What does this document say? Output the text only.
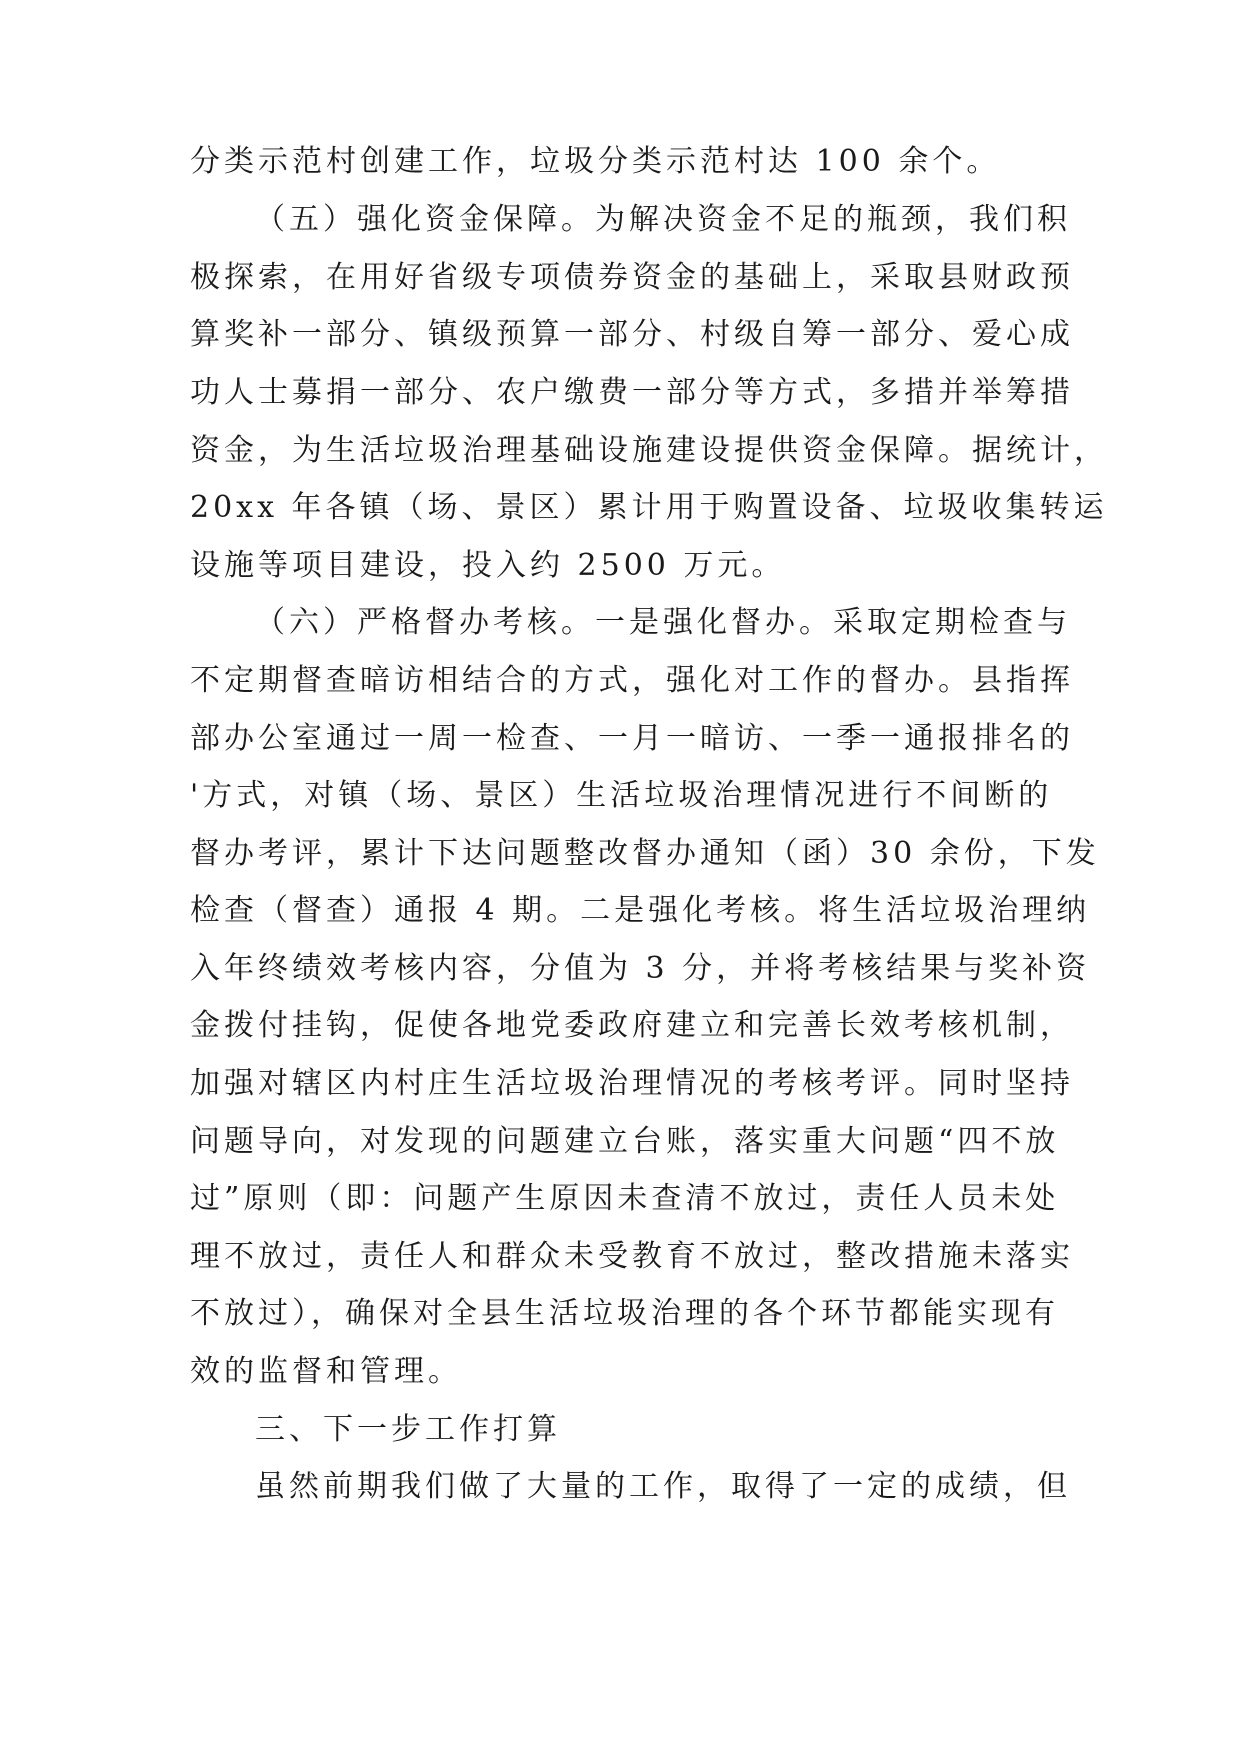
分类示范村创建工作，垃圾分类示范村达 100 余个。
（五）强化资金保障。为解决资金不足的瓶颈，我们积
极探索，在用好省级专项债券资金的基础上，采取县财政预
算奖补一部分、镇级预算一部分、村级自筹一部分、爱心成
功人士募捐一部分、农户缴费一部分等方式，多措并举筹措
资金，为生活垃圾治理基础设施建设提供资金保障。据统计，
20xx 年各镇（场、景区）累计用于购置设备、垃圾收集转运
设施等项目建设，投入约 2500 万元。
（六）严格督办考核。一是强化督办。采取定期检查与
不定期督查暗访相结合的方式，强化对工作的督办。县指挥
部办公室通过一周一检查、一月一暗访、一季一通报排名的
'方式，对镇（场、景区）生活垃圾治理情况进行不间断的
督办考评，累计下达问题整改督办通知（函）30 余份，下发
检查（督查）通报 4 期。二是强化考核。将生活垃圾治理纳
入年终绩效考核内容，分值为 3 分，并将考核结果与奖补资
金拨付挂钩，促使各地党委政府建立和完善长效考核机制，
加强对辖区内村庄生活垃圾治理情况的考核考评。同时坚持
问题导向，对发现的问题建立台账，落实重大问题“四不放
过”原则（即：问题产生原因未查清不放过，责任人员未处
理不放过，责任人和群众未受教育不放过，整改措施未落实
不放过），确保对全县生活垃圾治理的各个环节都能实现有
效的监督和管理。
三、下一步工作打算
虽然前期我们做了大量的工作，取得了一定的成绩，但
